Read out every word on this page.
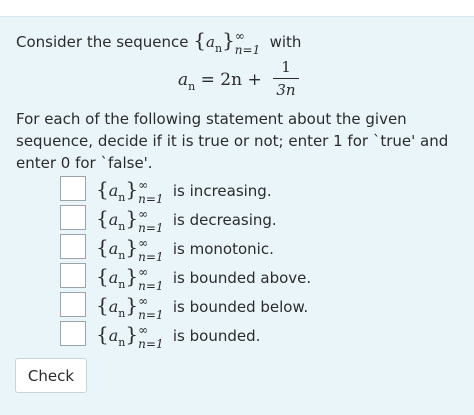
Consider the sequence $\{a_n\}$ ∞
n=1 with
$a_n = 2n$ +
1
3n
For each of the following statement about the given sequence, decide if it is true or not; enter 1 for `true' and enter 0 for `false'.
$\{a_n\}$ ∞
n=1 is increasing.
$\{a_n\}$ ∞
n=1 is decreasing.
$\{a_n\}$ ∞
n=1 is monotonic.
$\{a_n\}$ ∞
n=1 is bounded above.
$\{a_n\}$ ∞
n=1 is bounded below.
$\{a_n\}$ ∞
n=1 is bounded.
Check
